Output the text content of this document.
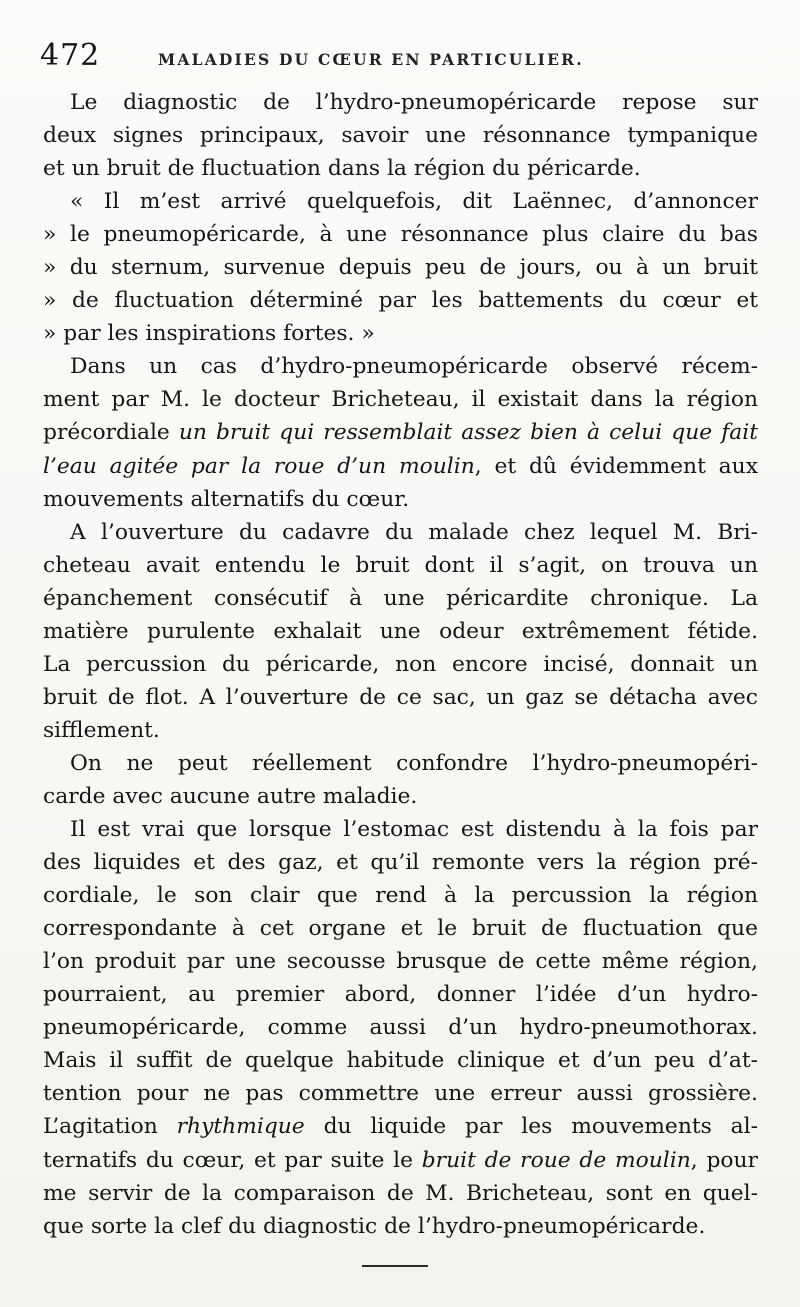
472	MALADIES DU CŒUR EN PARTICULIER.
Le diagnostic de l’hydro-pneumopéricarde repose sur
deux signes principaux, savoir une résonnance tympanique
et un bruit de fluctuation dans la région du péricarde.
« Il m’est arrivé quelquefois, dit Laënnec, d’annoncer
» le pneumopéricarde, à une résonnance plus claire du bas
» du sternum, survenue depuis peu de jours, ou à un bruit
» de fluctuation déterminé par les battements du cœur et
» par les inspirations fortes. »
Dans un cas d’hydro-pneumopéricarde observé récem-
ment par M. le docteur Bricheteau, il existait dans la région
précordiale un bruit qui ressemblait assez bien à celui que fait
l’eau agitée par la roue d’un moulin, et dû évidemment aux
mouvements alternatifs du cœur.
A l’ouverture du cadavre du malade chez lequel M. Bri-
cheteau avait entendu le bruit dont il s’agit, on trouva un
épanchement consécutif à une péricardite chronique. La
matière purulente exhalait une odeur extrêmement fétide.
La percussion du péricarde, non encore incisé, donnait un
bruit de flot. A l’ouverture de ce sac, un gaz se détacha avec
sifflement.
On ne peut réellement confondre l’hydro-pneumopéri-
carde avec aucune autre maladie.
Il est vrai que lorsque l’estomac est distendu à la fois par
des liquides et des gaz, et qu’il remonte vers la région pré-
cordiale, le son clair que rend à la percussion la région
correspondante à cet organe et le bruit de fluctuation que
l’on produit par une secousse brusque de cette même région,
pourraient, au premier abord, donner l’idée d’un hydro-
pneumopéricarde, comme aussi d’un hydro-pneumothorax.
Mais il suffit de quelque habitude clinique et d’un peu d’at-
tention pour ne pas commettre une erreur aussi grossière.
L’agitation rhythmique du liquide par les mouvements al-
ternatifs du cœur, et par suite le bruit de roue de moulin, pour
me servir de la comparaison de M. Bricheteau, sont en quel-
que sorte la clef du diagnostic de l’hydro-pneumopéricarde.
